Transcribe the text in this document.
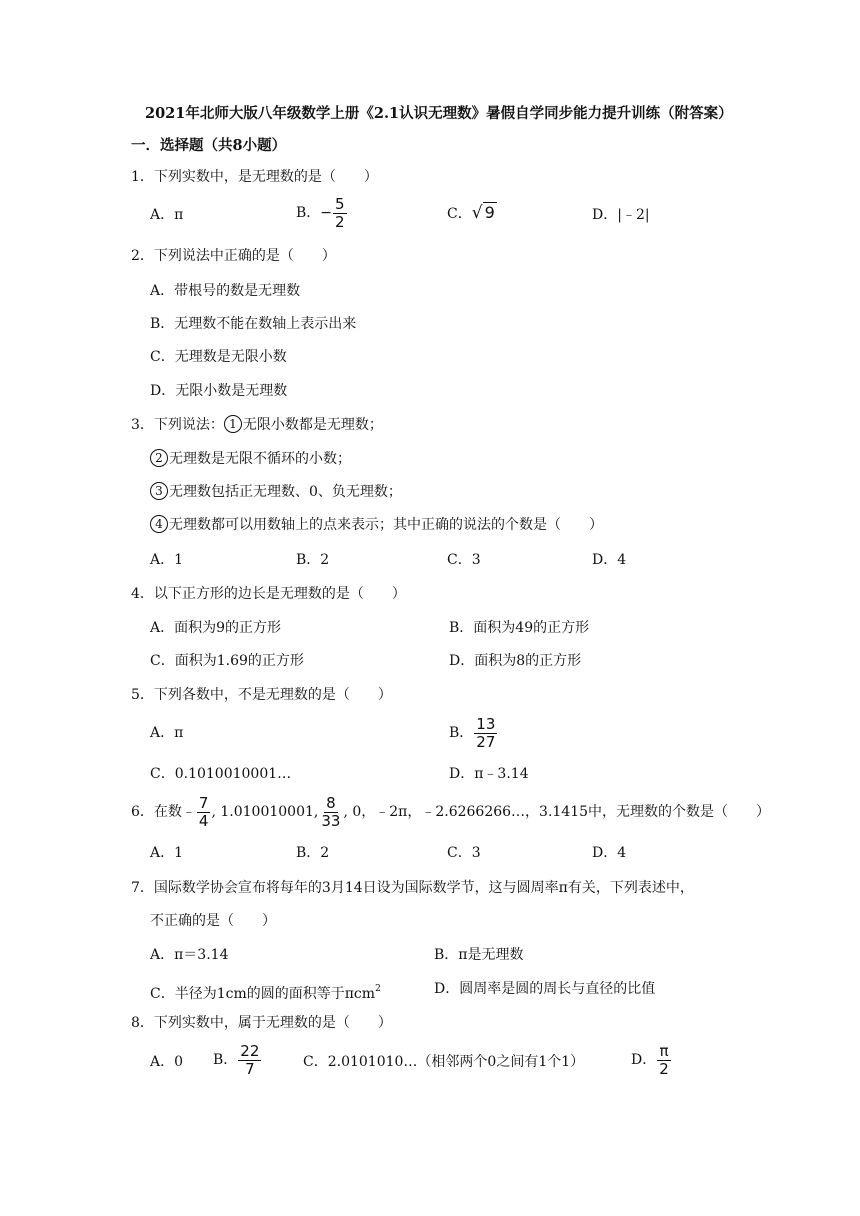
2021年北师大版八年级数学上册《2.1认识无理数》暑假自学同步能力提升训练（附答案）
一．选择题（共8小题）
1．下列实数中，是无理数的是（　　）
A．π	B．− $\frac{5}{2}$	C．√ 9	D．|﹣2|
2．下列说法中正确的是（　　）
A．带根号的数是无理数
B．无理数不能在数轴上表示出来
C．无理数是无限小数
D．无限小数是无理数
3．下列说法： 1 无限小数都是无理数；
2 无理数是无限不循环的小数；
3 无理数包括正无理数、0、负无理数；
4 无理数都可以用数轴上的点来表示；其中正确的说法的个数是（　　）
A．1	B．2	C．3	D．4
4．以下正方形的边长是无理数的是（　　）
A．面积为9的正方形	B．面积为49的正方形
C．面积为1.69的正方形	D．面积为8的正方形
5．下列各数中，不是无理数的是（　　）
A．π	B． $\frac{13}{27}$
C．0.1010010001…	D．π﹣3.14
6．在数﹣ $\frac{7}{4}$ , 1.010010001, $\frac{8}{33}$ , 0，﹣2π，﹣2.6266266…，3.1415中，无理数的个数是（　　）
A．1	B．2	C．3	D．4
7．国际数学协会宣布将每年的3月14日设为国际数学节，这与圆周率π有关，下列表述中，
不正确的是（　　）
A．π＝3.14	B．π是无理数
C．半径为1cm的圆的面积等于πcm$^2$	D．圆周率是圆的周长与直径的比值
8．下列实数中，属于无理数的是（　　）
A．0 B． $\frac{22}{7}$	C．2.0101010…（相邻两个0之间有1个1）	D． $\frac{\pi}{2}$
